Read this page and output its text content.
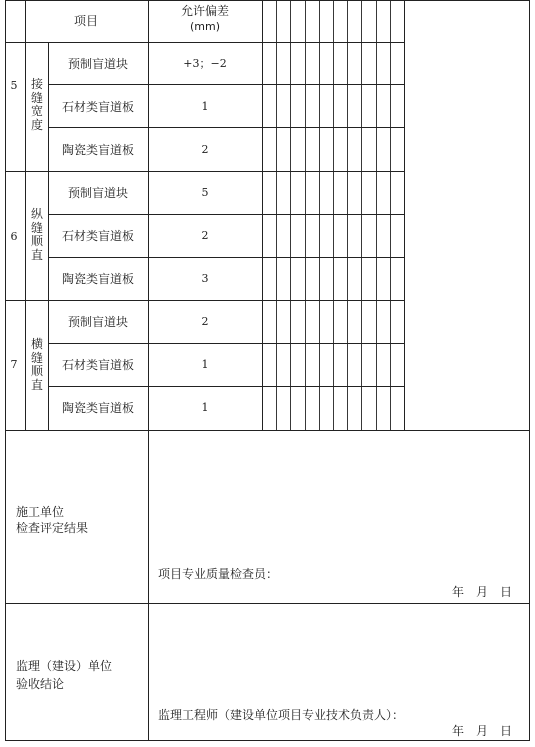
项目
允许偏差
(mm)
5 接缝宽度
预制盲道块	+3；−2
石材类盲道板	1
陶瓷类盲道板	2
6
纵缝顺直
预制盲道块	5
石材类盲道板	2
陶瓷类盲道板	3
7
横缝顺直
预制盲道块	2
石材类盲道板	1
陶瓷类盲道板	1
施工单位
检查评定结果
项目专业质量检查员：
年　月　日
监理（建设）单位
验收结论
监理工程师（建设单位项目专业技术负责人）：
年　月　日
